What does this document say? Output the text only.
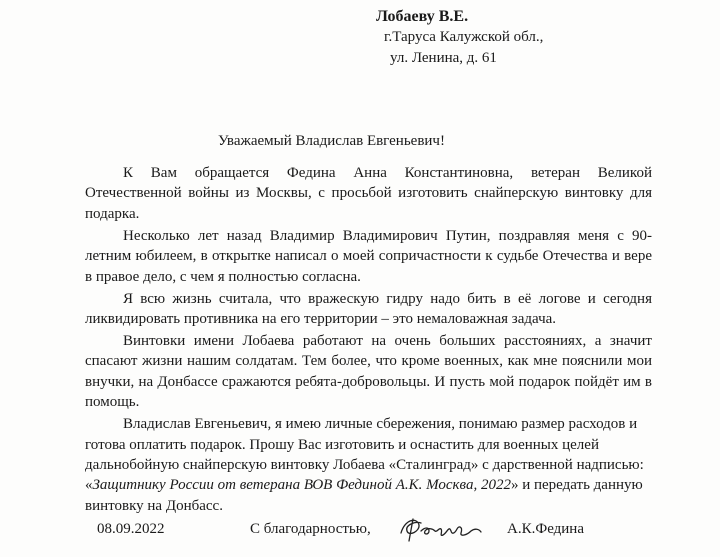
Лобаеву В.Е.
г.Таруса Калужской обл.,
ул. Ленина, д. 61
Уважаемый Владислав Евгеньевич!

К Вам обращается Федина Анна Константиновна, ветеран Великой Отечественной войны из Москвы, с просьбой изготовить снайперскую винтовку для подарка.

Несколько лет назад Владимир Владимирович Путин, поздравляя меня с 90-летним юбилеем, в открытке написал о моей сопричастности к судьбе Отечества и вере в правое дело, с чем я полностью согласна.

Я всю жизнь считала, что вражескую гидру надо бить в её логове и сегодня ликвидировать противника на его территории – это немаловажная задача.

Винтовки имени Лобаева работают на очень больших расстояниях, а значит спасают жизни нашим солдатам. Тем более, что кроме военных, как мне пояснили мои внучки, на Донбассе сражаются ребята-добровольцы. И пусть мой подарок пойдёт им в помощь.

Владислав Евгеньевич, я имею личные сбережения, понимаю размер расходов и готова оплатить подарок. Прошу Вас изготовить и оснастить для военных целей дальнобойную снайперскую винтовку Лобаева «Сталинград» с дарственной надписью: «Защитнику России от ветерана ВОВ Фединой А.К. Москва, 2022» и передать данную винтовку на Донбасс.

08.09.2022	С благодарностью,	А.К.Федина
